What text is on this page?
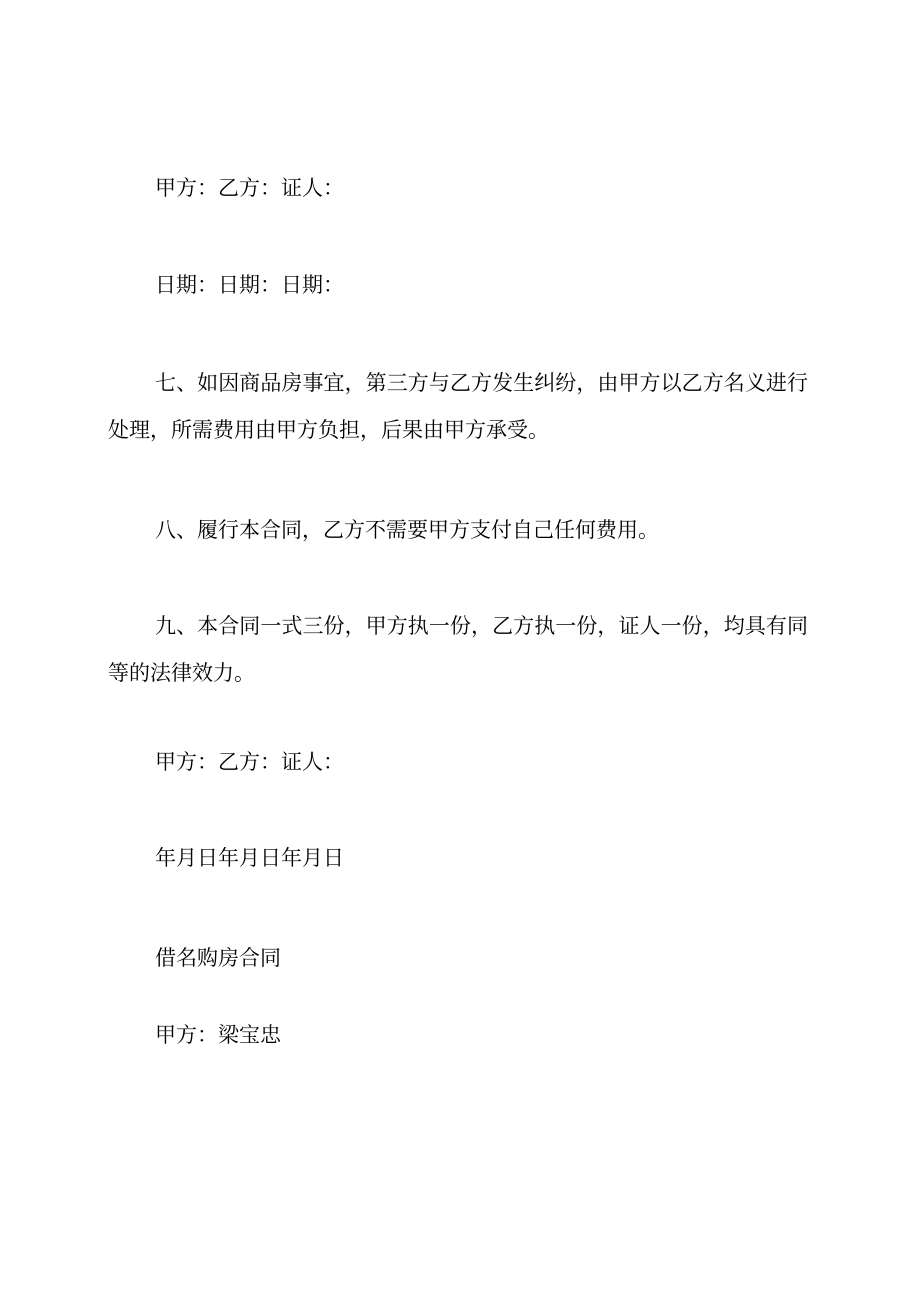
甲方：乙方：证人：

日期：日期：日期：

七、如因商品房事宜，第三方与乙方发生纠纷，由甲方以乙方名义进行处理，所需费用由甲方负担，后果由甲方承受。

八、履行本合同，乙方不需要甲方支付自己任何费用。

九、本合同一式三份，甲方执一份，乙方执一份，证人一份，均具有同等的法律效力。

甲方：乙方：证人：

年月日年月日年月日

借名购房合同

甲方：梁宝忠
